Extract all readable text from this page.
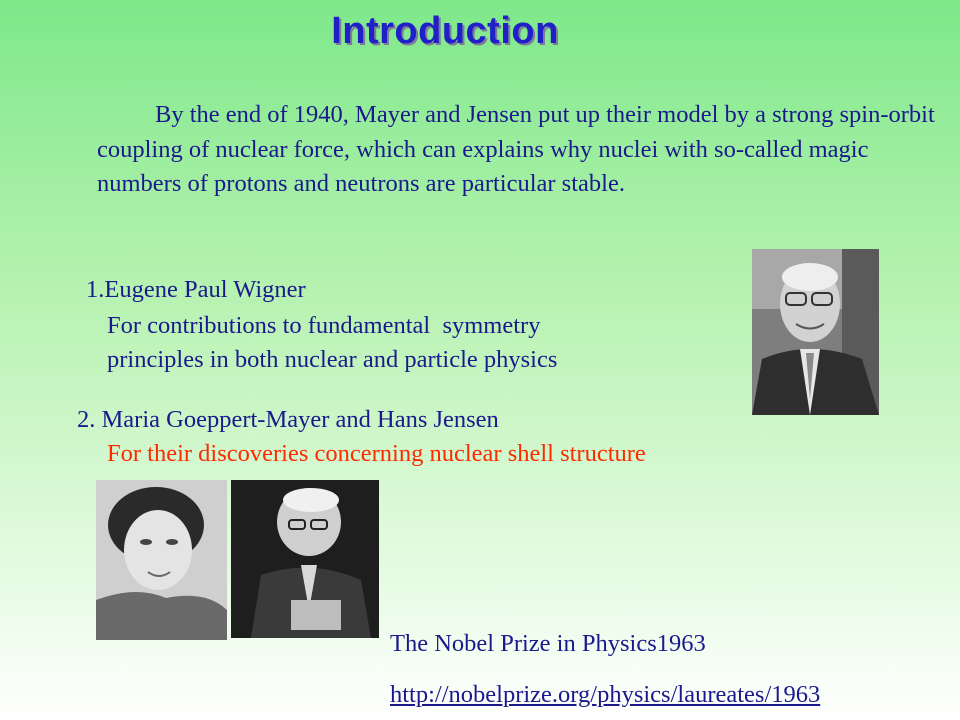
Introduction
By the end of 1940, Mayer and Jensen put up their model by a strong spin-orbit coupling of nuclear force, which can explains why nuclei with so-called magic numbers of protons and neutrons are particular stable.
1.Eugene Paul Wigner
For contributions to fundamental  symmetry
principles in both nuclear and particle physics
2. Maria Goeppert-Mayer and Hans Jensen
For their discoveries concerning nuclear shell structure
The Nobel Prize in Physics1963
http://nobelprize.org/physics/laureates/1963
